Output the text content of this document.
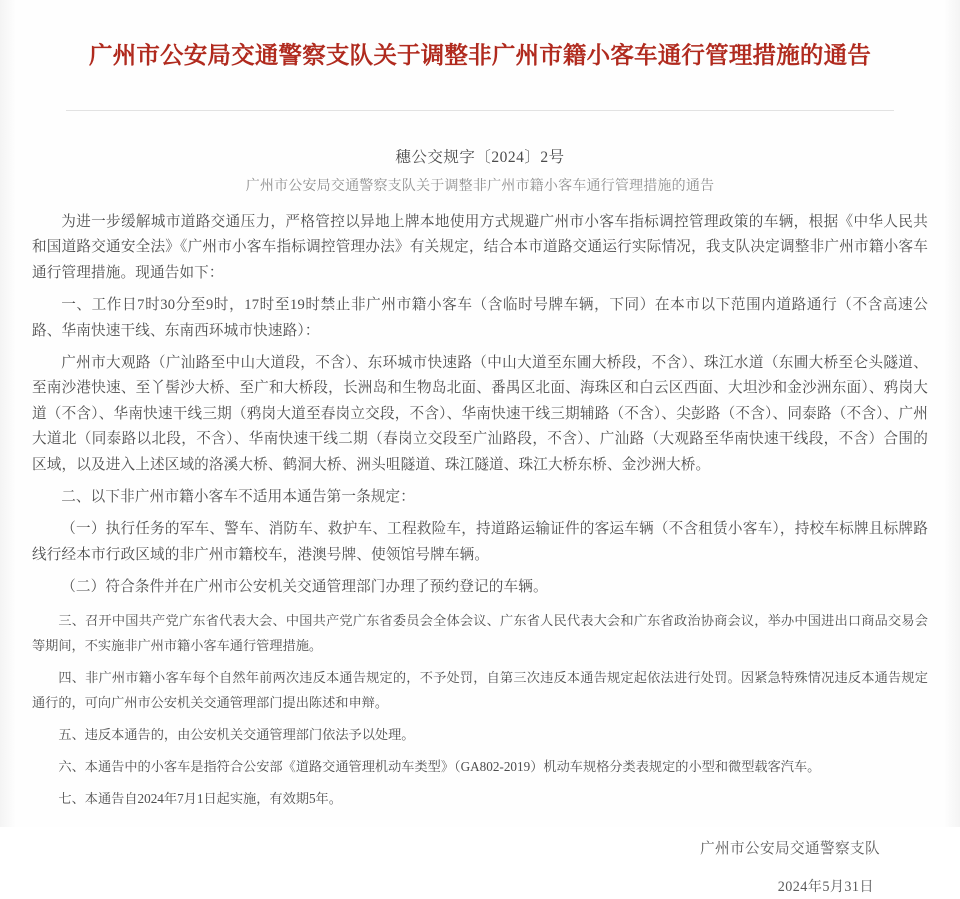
广州市公安局交通警察支队关于调整非广州市籍小客车通行管理措施的通告
穗公交规字〔2024〕2号
广州市公安局交通警察支队关于调整非广州市籍小客车通行管理措施的通告

为进一步缓解城市道路交通压力，严格管控以异地上牌本地使用方式规避广州市小客车指标调控管理政策的车辆，根据《中华人民共和国道路交通安全法》《广州市小客车指标调控管理办法》有关规定，结合本市道路交通运行实际情况，我支队决定调整非广州市籍小客车通行管理措施。现通告如下：

一、工作日7时30分至9时，17时至19时禁止非广州市籍小客车（含临时号牌车辆，下同）在本市以下范围内道路通行（不含高速公路、华南快速干线、东南西环城市快速路）：

广州市大观路（广汕路至中山大道段，不含）、东环城市快速路（中山大道至东圃大桥段，不含）、珠江水道（东圃大桥至仑头隧道、至南沙港快速、至丫髻沙大桥、至广和大桥段，长洲岛和生物岛北面、番禺区北面、海珠区和白云区西面、大坦沙和金沙洲东面）、鸦岗大道（不含）、华南快速干线三期（鸦岗大道至春岗立交段，不含）、华南快速干线三期辅路（不含）、尖彭路（不含）、同泰路（不含）、广州大道北（同泰路以北段，不含）、华南快速干线二期（春岗立交段至广汕路段，不含）、广汕路（大观路至华南快速干线段，不含）合围的区域，以及进入上述区域的洛溪大桥、鹤洞大桥、洲头咀隧道、珠江隧道、珠江大桥东桥、金沙洲大桥。

二、以下非广州市籍小客车不适用本通告第一条规定：

（一）执行任务的军车、警车、消防车、救护车、工程救险车，持道路运输证件的客运车辆（不含租赁小客车），持校车标牌且标牌路线行经本市行政区域的非广州市籍校车，港澳号牌、使领馆号牌车辆。

（二）符合条件并在广州市公安机关交通管理部门办理了预约登记的车辆。

三、召开中国共产党广东省代表大会、中国共产党广东省委员会全体会议、广东省人民代表大会和广东省政治协商会议，举办中国进出口商品交易会等期间，不实施非广州市籍小客车通行管理措施。

四、非广州市籍小客车每个自然年前两次违反本通告规定的，不予处罚，自第三次违反本通告规定起依法进行处罚。因紧急特殊情况违反本通告规定通行的，可向广州市公安机关交通管理部门提出陈述和申辩。

五、违反本通告的，由公安机关交通管理部门依法予以处理。

六、本通告中的小客车是指符合公安部《道路交通管理机动车类型》（GA802-2019）机动车规格分类表规定的小型和微型载客汽车。

七、本通告自2024年7月1日起实施，有效期5年。

广州市公安局交通警察支队
2024年5月31日
